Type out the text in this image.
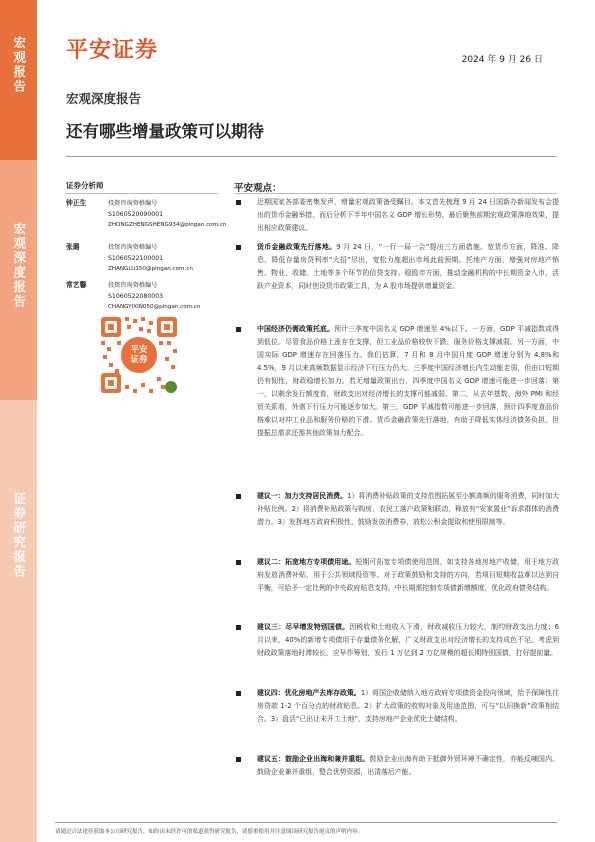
宏观报告
宏观深度报告
证券研究报告
平安证券	2024 年 9 月 26 日
宏观深度报告
还有哪些增量政策可以期待
证券分析师
钟正生	投资咨询资格编号
S1060520090001
ZHONGZHENGSHENG934@pingan.com.cn
张璐	投资咨询资格编号
S1060522100001
ZHANGLU150@pingan.com.cn
常艺馨	投资咨询资格编号
S1060522080003
CHANGYIXIN050@pingan.com.cn
平安
证券
平安观点：
近期国家各部委密集发声，增量宏观政策备受瞩目。本文首先梳理 9 月 24 日国新办新闻发布会提出的货币金融举措，而后分析下半年中国名义 GDP 增长形势，最后聚焦前期宏观政策落地效果，提出相应政策建议。
货币金融政策先行落地。9 月 24 日，“一行一局一会”提出三方面措施。宽货币方面，降准、降息、降低存量房贷利率“大招”尽出，宽松力度超出市场此前预期。托地产方面，增强对房地产销售、物业、收储、土地等多个环节的信贷支持。稳股市方面，推动金融机构的中长期资金入市，活跃产业资本，同时创设货币政策工具，为 A 股市场提供增量资金。
中国经济仍需政策托底。预计三季度中国名义 GDP 增速至 4%以下。一方面，GDP 平减指数或得到低位。尽管食品价格上涨存在支撑，但工业品价格较快下跌，服务价格支撑减弱。另一方面，中国实际 GDP 增速存在回落压力。我们估算，7 月和 8 月中国月度 GDP 增速分别为 4.8%和 4.5%，9 月以来高频数据显示经济下行压力仍大。三季度中国经济增长内生动能走弱，但由口短期仍有韧性，财政稳增长加力。若无增量政策出台，四季度中国名义 GDP 增速可能进一步回落：第一，以剩余发行额度看，财政支出对经济增长的支撑可能减弱。第二，从去年基数、海外 PMI 和经贸关系看，外需下行压力可能逐步加大。第三，GDP 平减指数可能进一步回落，预计四季度食品价格难以对冲工业品和服务价格的下滑。货币金融政策先行落地，有助于降低实体经济债务负担，但提振总需求还需其他政策加力配合。
建议一：加力支持居民消费。1）将消费补贴政策的支持范围拓展至小额高频的服务消费，同时加大补贴比例。2）将消费补贴政策与购房、农民工落户政策相联动，释放有“安家置业”诉求群体的消费潜力。3）发挥地方政府积极性，鼓励发放消费券、放松公积金提取和使用限制等。
建议二：拓宽地方专项债用途。短期可拓宽专项债使用范围，如支持各地房地产收储，用于地方政府发放消费补贴，用于公共领域投资等。对于政策鼓励和支持的方向，若项目短期收益难以达到自平衡，可给予一定比例的中央政府贴息支持。中长期需控制专项债新增额度，优化政府债务结构。
建议三：尽早增发特别国债。因税收和土地收入下滑，财政减收压力较大，制约财政支出力度；6 月以来，40%的新增专项债用于存量债务化解，广义财政支出对经济增长的支持成色不足。考虑到财政政策落地时滞较长，应早作筹划，发行 1 万亿到 2 万亿规模的超长期特别国债，打好提前量。
建议四：优化房地产去库存政策。1）将国企收储纳入地方政府专项债资金投向领域，给予保障性住房贷款 1-2 个百分点的财政贴息。2）扩大政策的收购对象及用途范围，可与“以旧换新”政策相结合。3）盘活“已出让未开工土地”，支持房地产企业优化土储结构。
建议五：鼓励企业出海和兼并重组。鼓励企业出海有助于抵御外贸环境不确定性，亦能反哺国内。鼓励企业兼并重组，整合优势资源，出清落后产能。
请通过合法途径获取本公司研究报告，如经由未经许可的渠道获得研究报告，请慎重使用并注意阅读研究报告尾页的声明内容。
